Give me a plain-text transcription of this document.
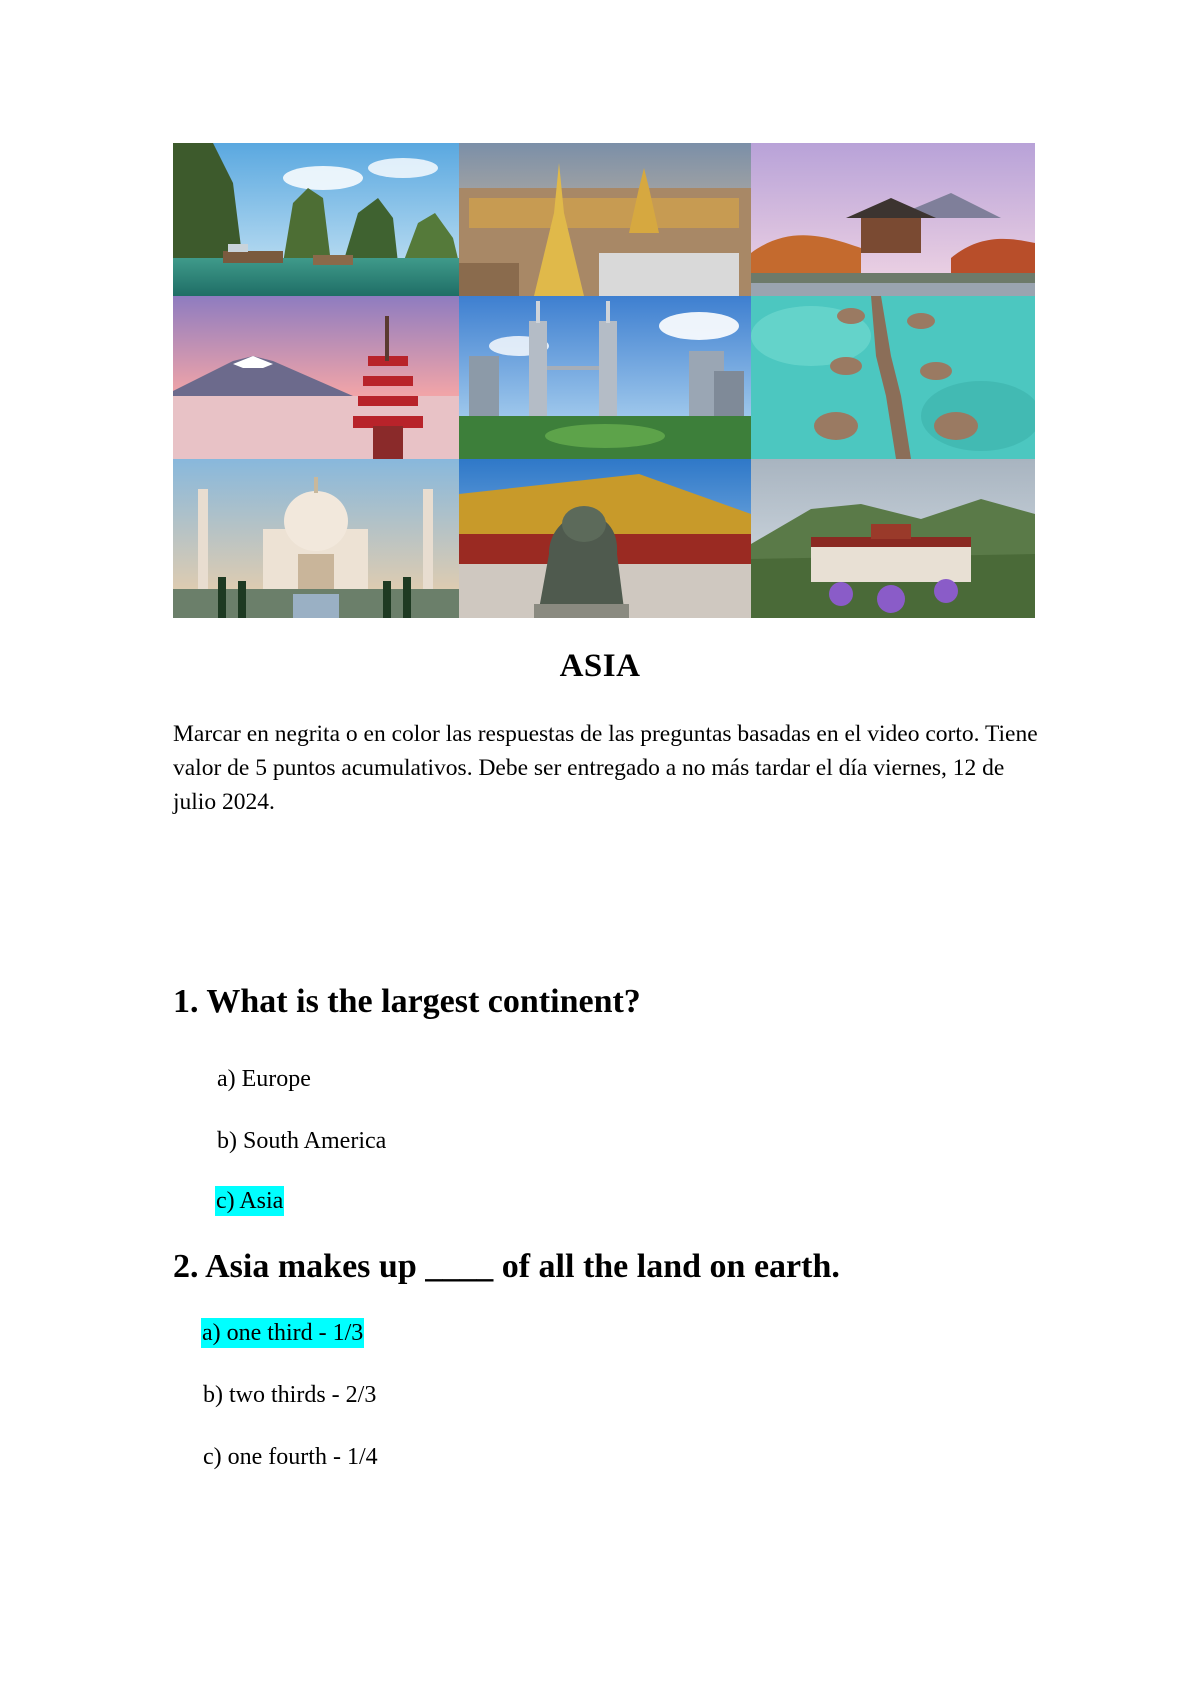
ASIA
Marcar en negrita o en color las respuestas de las preguntas basadas en el video corto. Tiene valor de 5 puntos acumulativos. Debe ser entregado a no más tardar el día viernes, 12 de julio 2024.
1. What is the largest continent?
a) Europe
b) South America
c) Asia
2. Asia makes up ____ of all the land on earth.
a) one third - 1/3
b) two thirds - 2/3
c) one fourth - 1/4
